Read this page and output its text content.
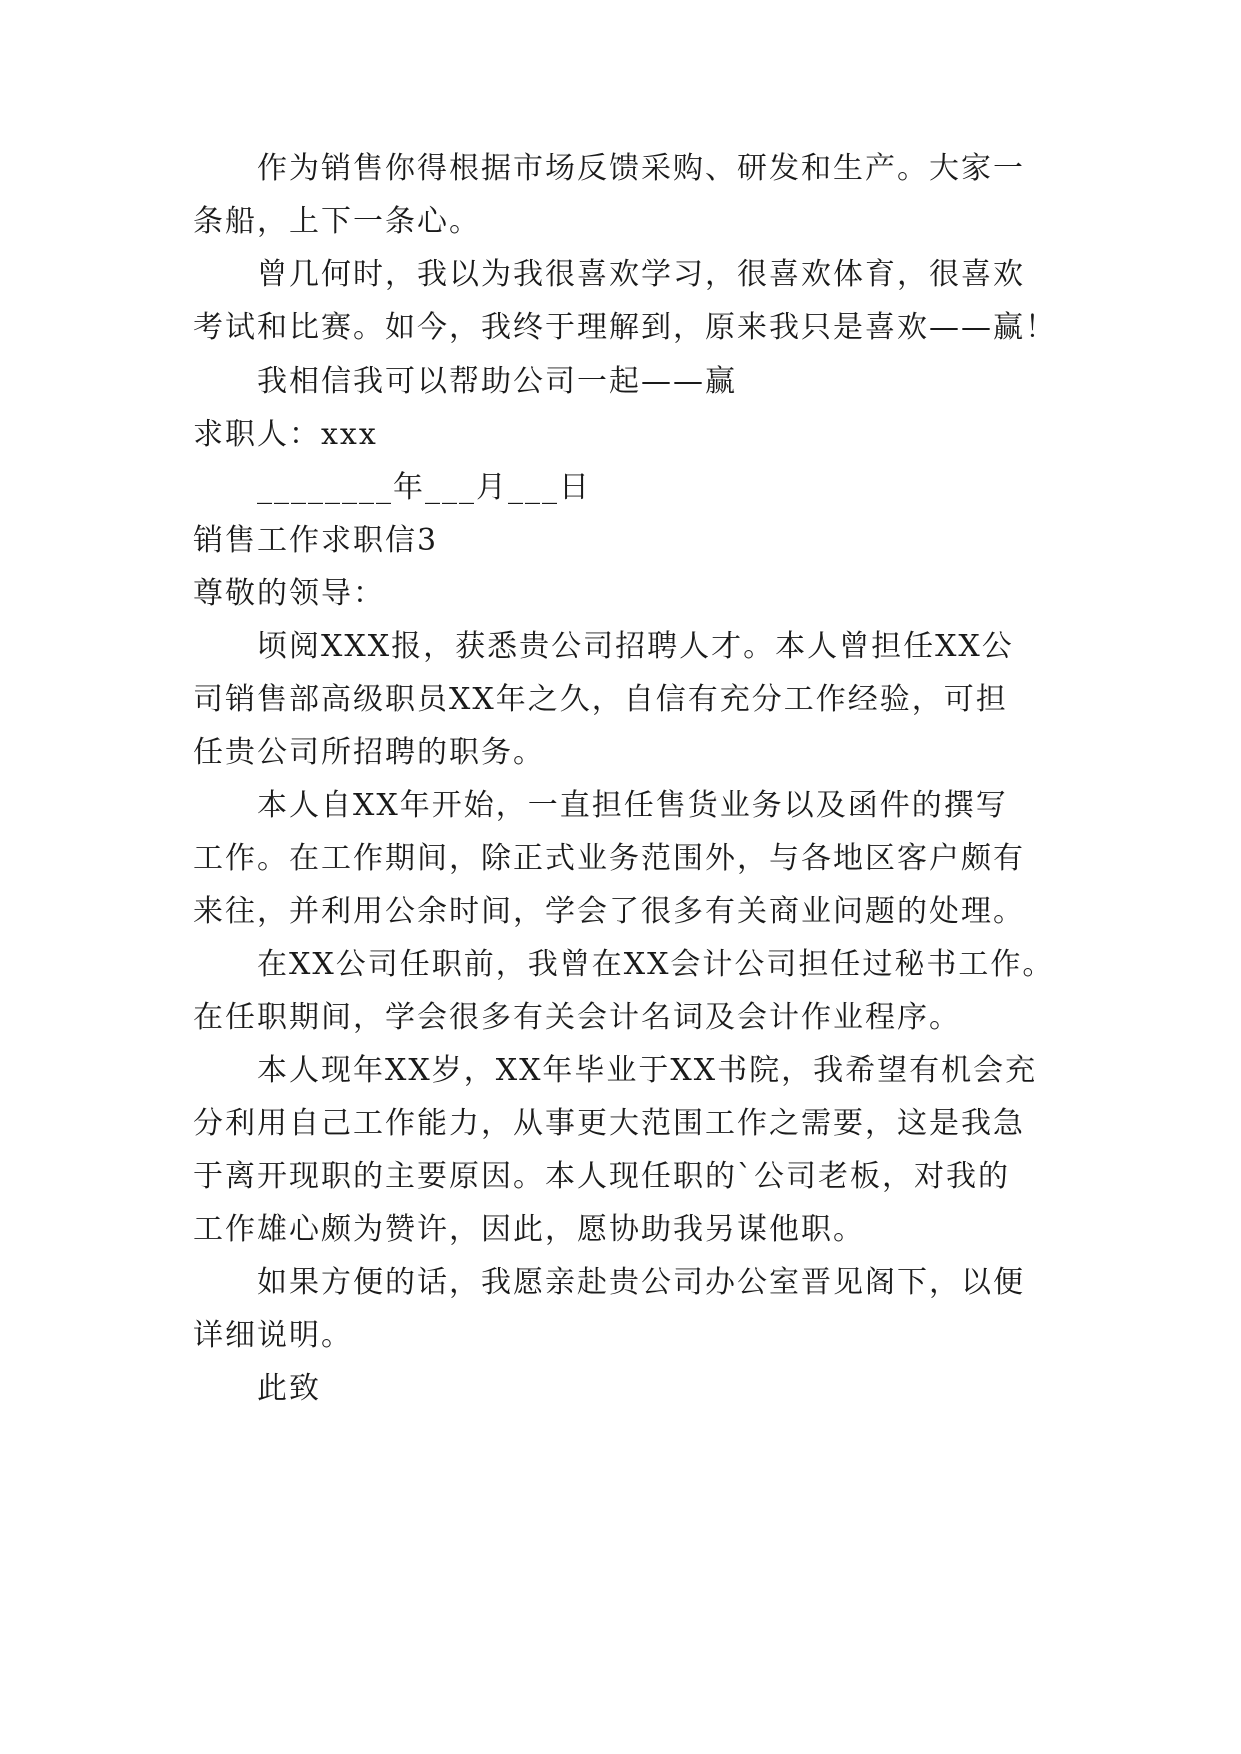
作为销售你得根据市场反馈采购、研发和生产。大家一
条船，上下一条心。
曾几何时，我以为我很喜欢学习，很喜欢体育，很喜欢
考试和比赛。如今，我终于理解到，原来我只是喜欢——赢！
我相信我可以帮助公司一起——赢
求职人：xxx
________年___月___日
销售工作求职信3
尊敬的领导：
顷阅XXX报，获悉贵公司招聘人才。本人曾担任XX公
司销售部高级职员XX年之久，自信有充分工作经验，可担
任贵公司所招聘的职务。
本人自XX年开始，一直担任售货业务以及函件的撰写
工作。在工作期间，除正式业务范围外，与各地区客户颇有
来往，并利用公余时间，学会了很多有关商业问题的处理。
在XX公司任职前，我曾在XX会计公司担任过秘书工作。
在任职期间，学会很多有关会计名词及会计作业程序。
本人现年XX岁，XX年毕业于XX书院，我希望有机会充
分利用自己工作能力，从事更大范围工作之需要，这是我急
于离开现职的主要原因。本人现任职的`公司老板，对我的
工作雄心颇为赞许，因此，愿协助我另谋他职。
如果方便的话，我愿亲赴贵公司办公室晋见阁下，以便
详细说明。
此致
